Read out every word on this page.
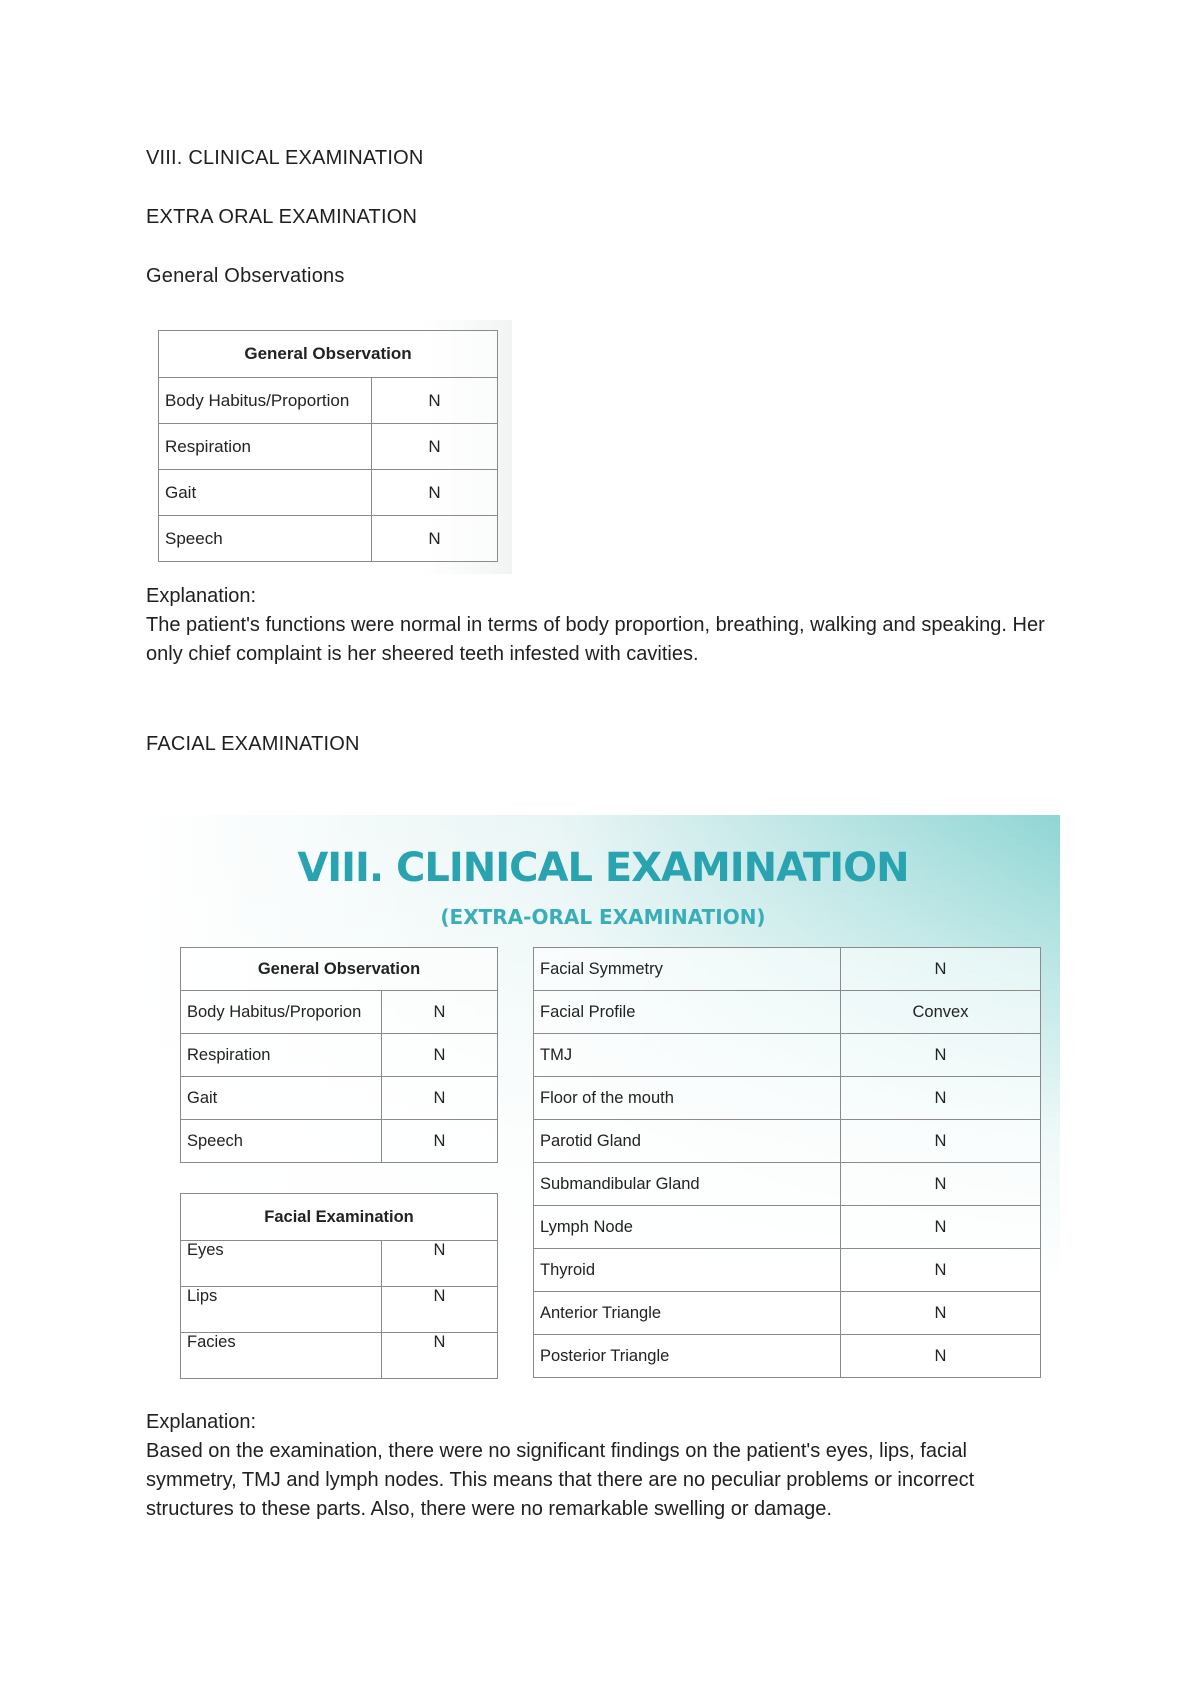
VIII. CLINICAL EXAMINATION
EXTRA ORAL EXAMINATION
General Observations
General Observation	
Body Habitus/Proportion	N
Respiration	N
Gait	N
Speech	N
Explanation:
The patient's functions were normal in terms of body proportion, breathing, walking and speaking. Her only chief complaint is her sheered teeth infested with cavities.
FACIAL EXAMINATION
VIII. CLINICAL EXAMINATION
(EXTRA-ORAL EXAMINATION)
General Observation	
Body Habitus/Proporion	N
Respiration	N
Gait	N
Speech	N
Facial Examination	
Eyes	N
Lips	N
Facies	N
Facial Symmetry	N
Facial Profile	Convex
TMJ	N
Floor of the mouth	N
Parotid Gland	N
Submandibular Gland	N
Lymph Node	N
Thyroid	N
Anterior Triangle	N
Posterior Triangle	N
Explanation:
Based on the examination, there were no significant findings on the patient's eyes, lips, facial symmetry, TMJ and lymph nodes. This means that there are no peculiar problems or incorrect structures to these parts. Also, there were no remarkable swelling or damage.
